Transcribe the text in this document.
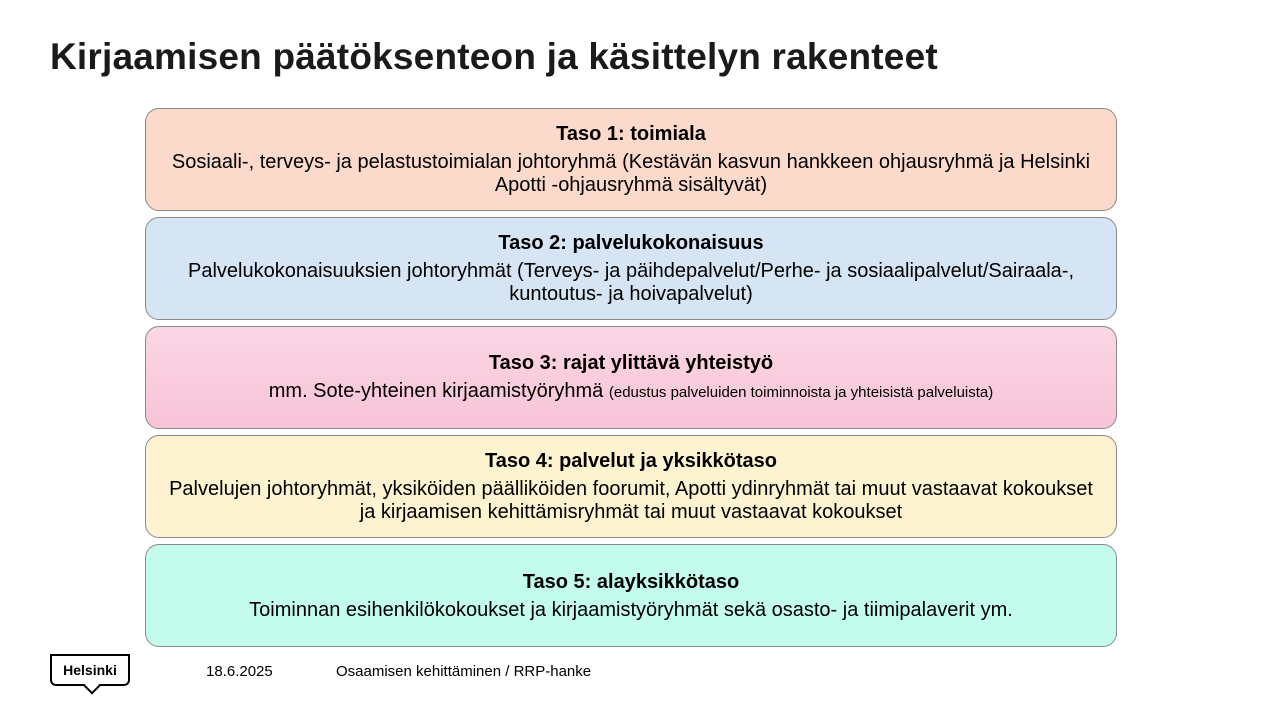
Kirjaamisen päätöksenteon ja käsittelyn rakenteet
Taso 1: toimiala
Sosiaali-, terveys- ja pelastustoimialan johtoryhmä (Kestävän kasvun hankkeen ohjausryhmä ja Helsinki Apotti -ohjausryhmä sisältyvät)
Taso 2: palvelukokonaisuus
Palvelukokonaisuuksien johtoryhmät (Terveys- ja päihdepalvelut/Perhe- ja sosiaalipalvelut/Sairaala-, kuntoutus- ja hoivapalvelut)
Taso 3: rajat ylittävä yhteistyö
mm. Sote-yhteinen kirjaamistyöryhmä (edustus palveluiden toiminnoista ja yhteisistä palveluista)
Taso 4: palvelut ja yksikkötaso
Palvelujen johtoryhmät, yksiköiden päälliköiden foorumit, Apotti ydinryhmät tai muut vastaavat kokoukset ja kirjaamisen kehittämisryhmät tai muut vastaavat kokoukset
Taso 5: alayksikkötaso
Toiminnan esihenkilökokoukset ja kirjaamistyöryhmät sekä osasto- ja tiimipalaverit ym.
Helsinki	18.6.2025	Osaamisen kehittäminen / RRP-hanke
